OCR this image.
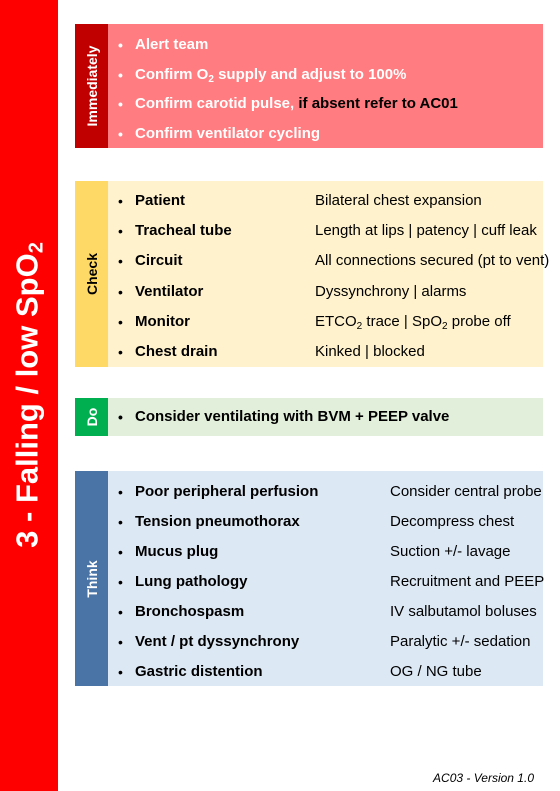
3 - Falling / low SpO$_2$
Immediately
• Alert team
• Confirm $O_2$ supply and adjust to 100%
• Confirm carotid pulse, if absent refer to AC01
• Confirm ventilator cycling
Check
• Patient	Bilateral chest expansion
• Tracheal tube	Length at lips | patency | cuff leak
• Circuit	All connections secured (pt to vent)
• Ventilator	Dyssynchrony | alarms
• Monitor	$ETCO_2$ trace | SpO$_2$ probe off
• Chest drain	Kinked | blocked
Do • Consider ventilating with BVM + PEEP valve
Think
• Poor peripheral perfusion	Consider central probe
• Tension pneumothorax	Decompress chest
• Mucus plug	Suction +/- lavage
• Lung pathology	Recruitment and PEEP
• Bronchospasm	IV salbutamol boluses
• Vent / pt dyssynchrony	Paralytic +/- sedation
• Gastric distention	OG / NG tube
AC03 - Version 1.0
